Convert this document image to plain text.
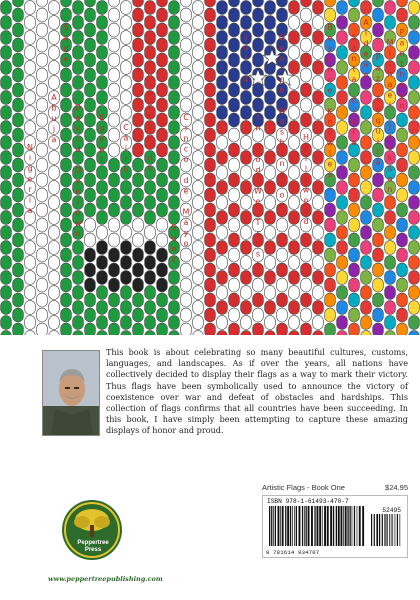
N i g e r i a
A b u j a
S a d e
D a v i d O y e l o w o
E g y p t
C a i r o
G i z a P y r a m i d s
S u e z
C i n c o d e M a y o
M e x i c o
J u l 4
I n G o d W e T r u s t
G e o r g e W a s h i n g t o n
H o l l y w o o d
B e y o n c e K n o w l e s
S a n t a C l a r a
A l d e a n
P a z T e q u i l a
M i c h a e l J a c k s o n
P a n t h e o n

This book is about celebrating so many beautiful cultures, customs, languages, and landscapes. As if over the years, all nations have collectively decided to display their flags as a way to mark their victory. Thus flags have been symbolically used to announce the victory of coexistence over war and defeat of obstacles and hardships. This collection of flags confirms that all countries have been succeeding. In this book, I have simply been attempting to capture these amazing displays of honor and proud.

Artistic Flags - Book One	$24.95
ISBN 978-1-61493-470-7
52495
9 781614 934707
Peppertree
Press
www.peppertreepublishing.com
